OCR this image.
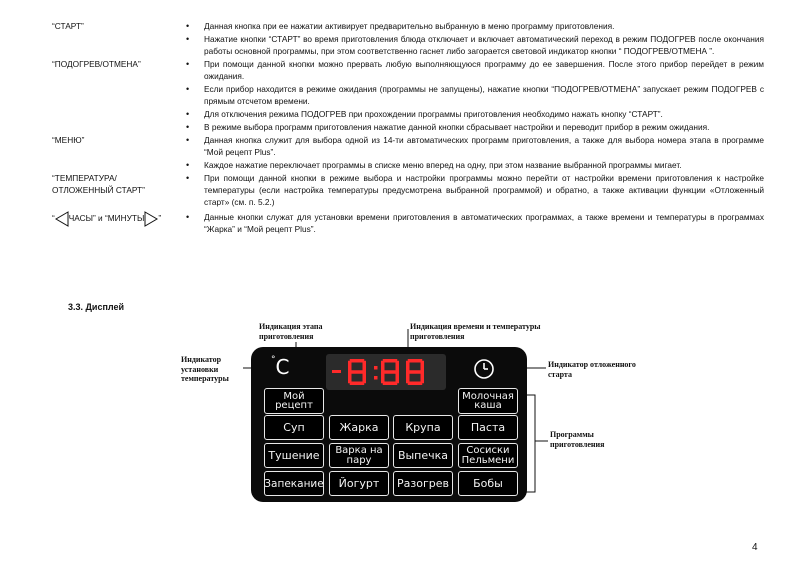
“СТАРТ”	• Данная кнопка при ее нажатии активирует предварительно выбранную в меню программу приготовления.
• Нажатие кнопки “СТАРТ” во время приготовления блюда отключает и включает автоматический переход в режим ПОДОГРЕВ после окончания работы основной программы, при этом соответственно гаснет либо загорается световой индикатор кнопки “ ПОДОГРЕВ/ОТМЕНА ”.
“ПОДОГРЕВ/ОТМЕНА”	• При помощи данной кнопки можно прервать любую выполняющуюся программу до ее завершения. После этого прибор перейдет в режим ожидания.
• Если прибор находится в режиме ожидания (программы не запущены), нажатие кнопки “ПОДОГРЕВ/ОТМЕНА” запускает режим ПОДОГРЕВ с прямым отсчетом времени.
• Для отключения режима ПОДОГРЕВ при прохождении программы приготовления необходимо нажать кнопку “СТАРТ”.
• В режиме выбора программ приготовления нажатие данной кнопки сбрасывает настройки и переводит прибор в режим ожидания.
“МЕНЮ”	• Данная кнопка служит для выбора одной из 14-ти автоматических программ приготовления, а также для выбора номера этапа в программе “Мой рецепт Plus”.
• Каждое нажатие переключает программы в списке меню вперед на одну, при этом название выбранной программы мигает.
“ТЕМПЕРАТУРА/ ОТЛОЖЕННЫЙ СТАРТ”
• При помощи данной кнопки в режиме выбора и настройки программы можно перейти от настройки времени приготовления к настройке температуры (если настройка температуры предусмотрена выбранной программой) и обратно, а также активации функции «Отложенный старт» (см. п. 5.2.)
“ ЧАСЫ” и “МИНУТЫ ”	• Данные кнопки служат для установки времени приготовления в автоматических программах, а также времени и температуры в программах “Жарка” и “Мой рецепт Plus”.
3.3. Дисплей
Индикация этапа приготовления
Индикация времени и температуры приготовления
Индикатор установки температуры
Индикатор отложенного старта
Программы приготовления
°C
Мой рецепт
Молочная каша
Суп	Жарка	Крупа	Паста
Тушение	Варка на пару	Выпечка	Сосиски Пельмени
Запекание	Йогурт	Разогрев	Бобы
4
